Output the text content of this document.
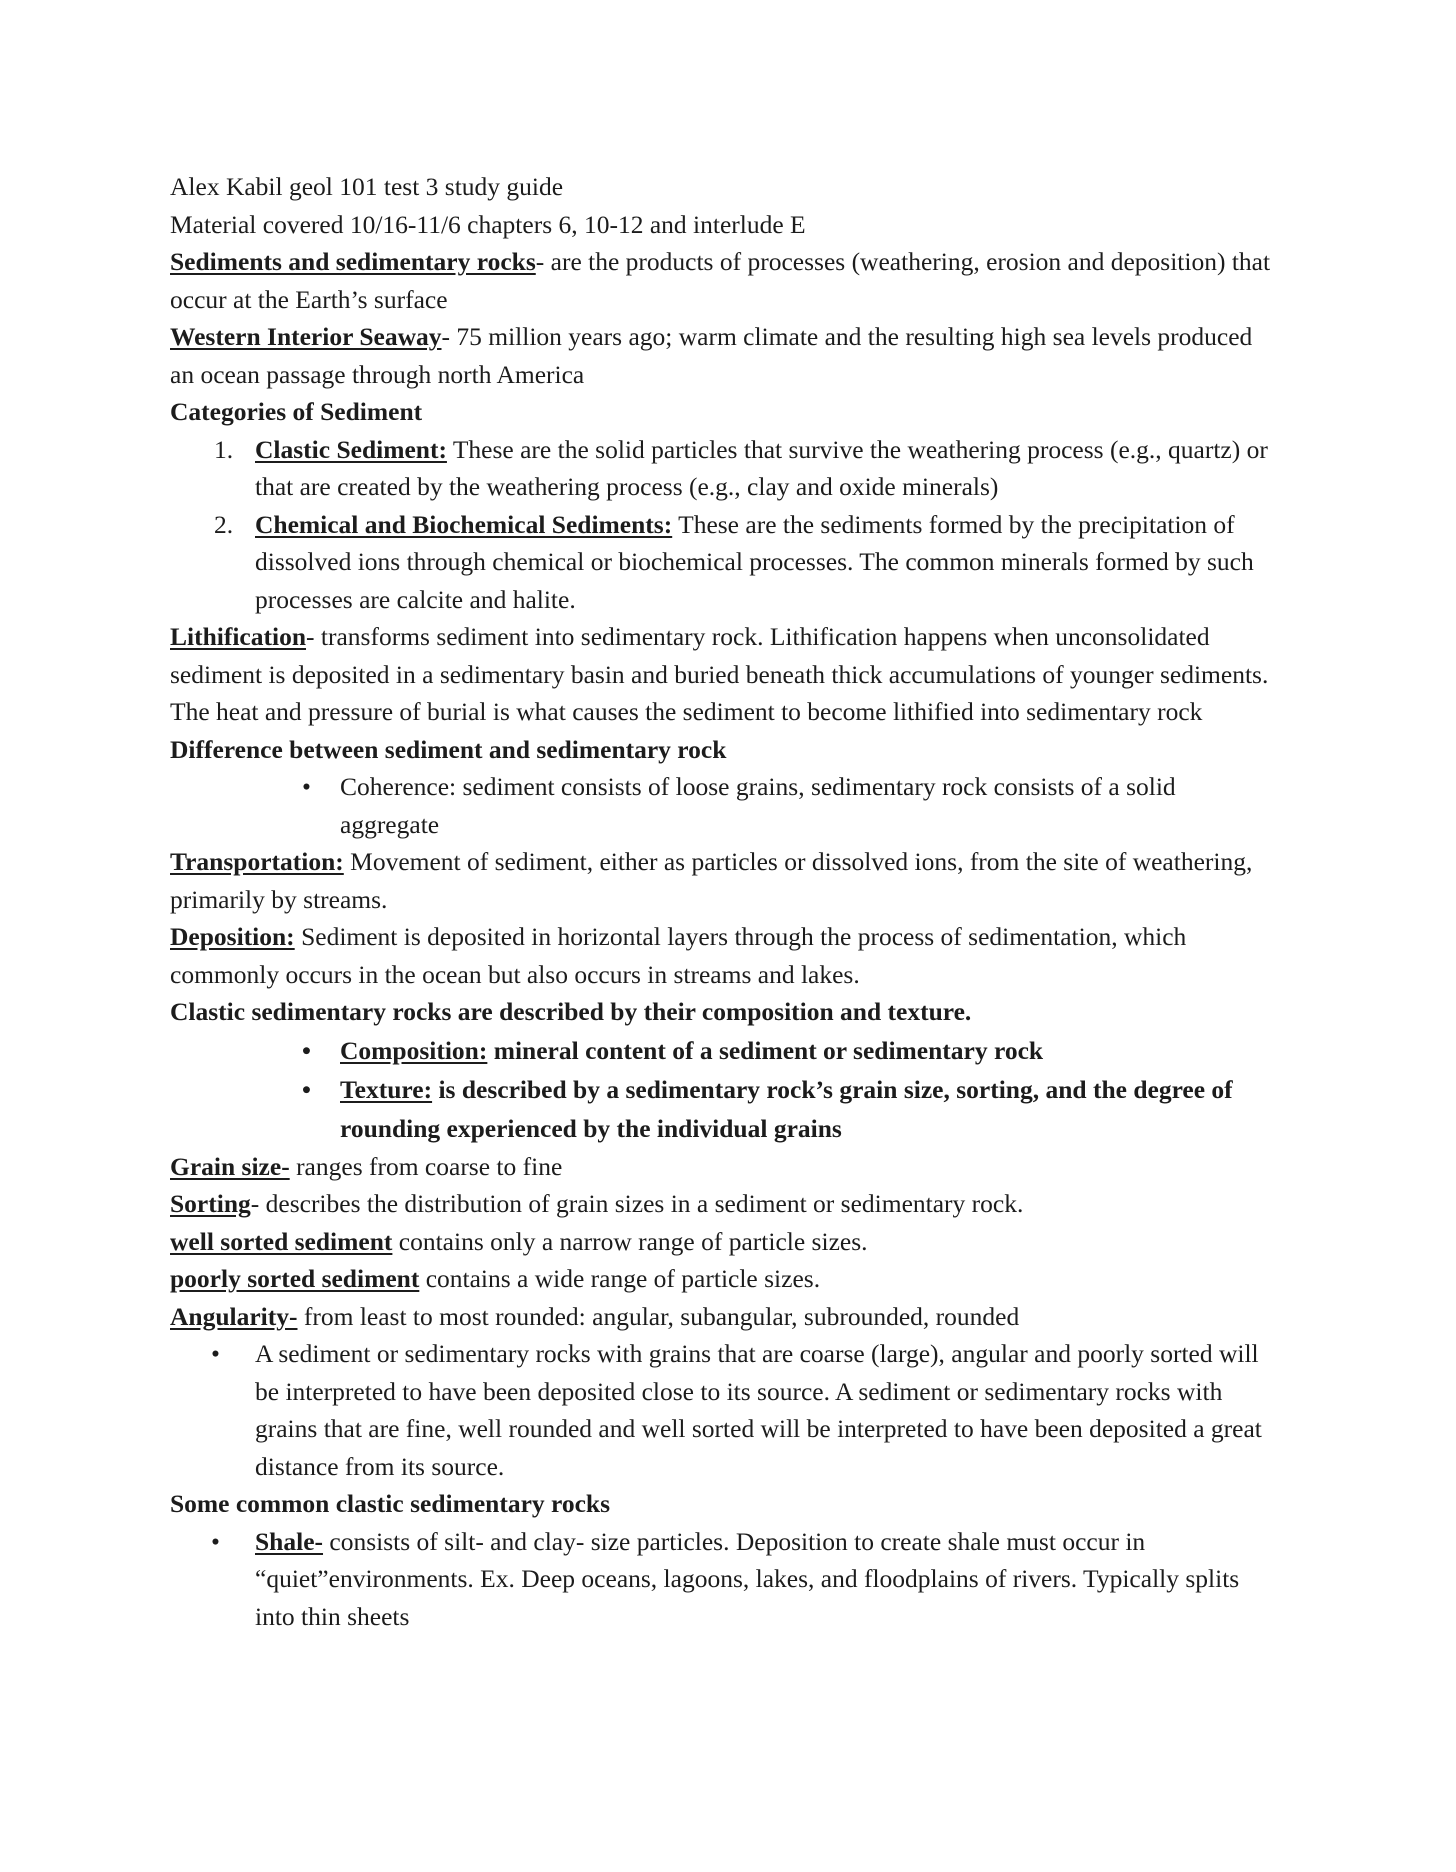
Alex Kabil geol 101 test 3 study guide

Material covered 10/16-11/6 chapters 6, 10-12 and interlude E

Sediments and sedimentary rocks- are the products of processes (weathering, erosion and deposition) that occur at the Earth’s surface

Western Interior Seaway- 75 million years ago; warm climate and the resulting high sea levels produced an ocean passage through north America

Categories of Sediment

1. Clastic Sediment: These are the solid particles that survive the weathering process (e.g., quartz) or that are created by the weathering process (e.g., clay and oxide minerals)
2. Chemical and Biochemical Sediments: These are the sediments formed by the precipitation of dissolved ions through chemical or biochemical processes. The common minerals formed by such processes are calcite and halite.

Lithification- transforms sediment into sedimentary rock. Lithification happens when unconsolidated sediment is deposited in a sedimentary basin and buried beneath thick accumulations of younger sediments. The heat and pressure of burial is what causes the sediment to become lithified into sedimentary rock

Difference between sediment and sedimentary rock

• Coherence: sediment consists of loose grains, sedimentary rock consists of a solid aggregate

Transportation: Movement of sediment, either as particles or dissolved ions, from the site of weathering, primarily by streams.

Deposition: Sediment is deposited in horizontal layers through the process of sedimentation, which commonly occurs in the ocean but also occurs in streams and lakes.

Clastic sedimentary rocks are described by their composition and texture.

• Composition: mineral content of a sediment or sedimentary rock
• Texture: is described by a sedimentary rock’s grain size, sorting, and the degree of rounding experienced by the individual grains

Grain size- ranges from coarse to fine

Sorting- describes the distribution of grain sizes in a sediment or sedimentary rock.

well sorted sediment contains only a narrow range of particle sizes.

poorly sorted sediment contains a wide range of particle sizes.

Angularity- from least to most rounded: angular, subangular, subrounded, rounded

• A sediment or sedimentary rocks with grains that are coarse (large), angular and poorly sorted will be interpreted to have been deposited close to its source. A sediment or sedimentary rocks with grains that are fine, well rounded and well sorted will be interpreted to have been deposited a great distance from its source.

Some common clastic sedimentary rocks

• Shale- consists of silt- and clay- size particles. Deposition to create shale must occur in “quiet”environments. Ex. Deep oceans, lagoons, lakes, and floodplains of rivers. Typically splits into thin sheets
